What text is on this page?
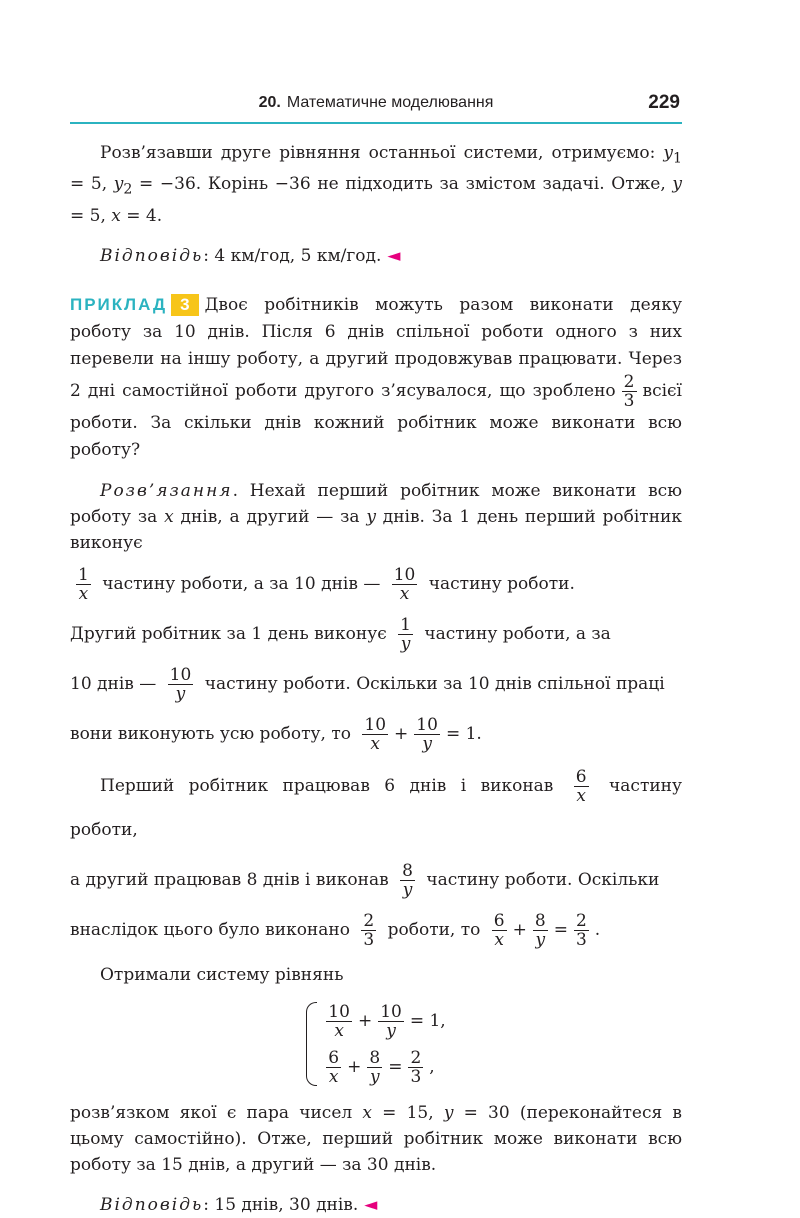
20. Математичне моделювання	229

Розв’язавши друге рівняння останньої системи, отримуємо: $y_1 = 5$, $y_2 = -36$. Корінь −36 не підходить за змістом задачі. Отже, y = 5, x = 4.

Відповідь: 4 км/год, 5 км/год. ◄

ПРИКЛАД 3 Двоє робітників можуть разом виконати деяку роботу за 10 днів. Після 6 днів спільної роботи одного з них перевели на іншу роботу, а другий продовжував працювати. Через 2 дні самостійної роботи другого з’ясувалося, що зроблено $\frac{2}{3}$ всієї роботи. За скільки днів кожний робітник може виконати всю роботу?

Розв’язання. Нехай перший робітник може виконати всю роботу за x днів, а другий — за y днів. За 1 день перший робітник виконує

$\frac{1}{x}$ частину роботи, а за 10 днів — $\frac{10}{x}$ частину роботи.

Другий робітник за 1 день виконує $\frac{1}{y}$ частину роботи, а за

10 днів — $\frac{10}{y}$ частину роботи. Оскільки за 10 днів спільної праці

вони виконують усю роботу, то $\frac{10}{x} + \frac{10}{y} = 1$.

Перший робітник працював 6 днів і виконав $\frac{6}{x}$ частину роботи,

а другий працював 8 днів і виконав $\frac{8}{y}$ частину роботи. Оскільки

внаслідок цього було виконано $\frac{2}{3}$ роботи, то $\frac{6}{x} + \frac{8}{y} = \frac{2}{3}$ .

Отримали систему рівнянь

$\frac{10}{x} + \frac{10}{y} = 1$,
$\frac{6}{x} + \frac{8}{y} = \frac{2}{3}$ ,

розв’язком якої є пара чисел x = 15, y = 30 (переконайтеся в цьому самостійно). Отже, перший робітник може виконати всю роботу за 15 днів, а другий — за 30 днів.

Відповідь: 15 днів, 30 днів. ◄
